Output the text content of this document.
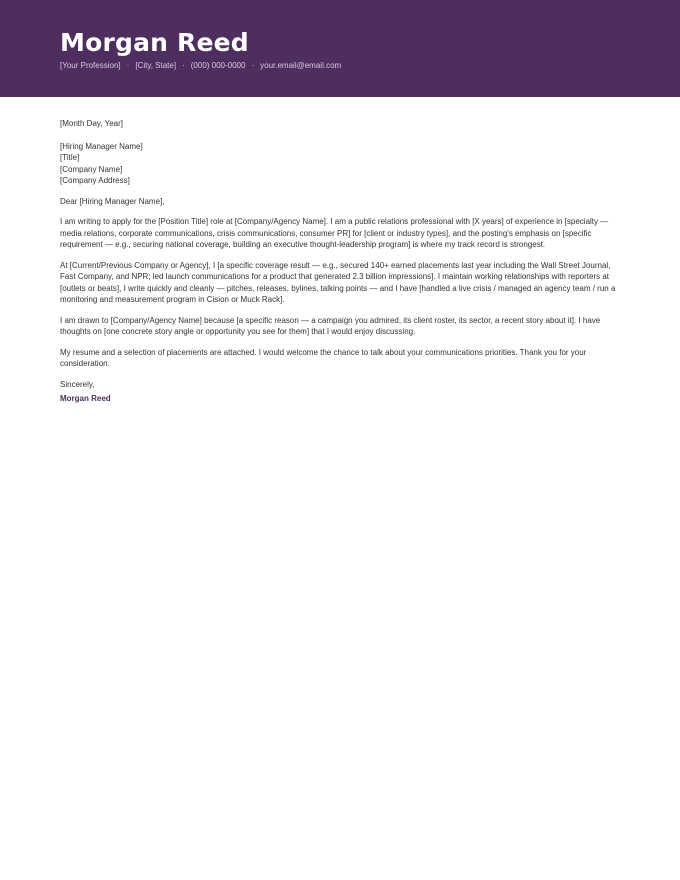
Morgan Reed
[Your Profession] · [City, State] · (000) 000-0000 · your.email@email.com
[Month Day, Year]
[Hiring Manager Name]
[Title]
[Company Name]
[Company Address]
Dear [Hiring Manager Name],

I am writing to apply for the [Position Title] role at [Company/Agency Name]. I am a public relations professional with [X years] of experience in [specialty — media relations, corporate communications, crisis communications, consumer PR] for [client or industry types], and the posting's emphasis on [specific requirement — e.g., securing national coverage, building an executive thought-leadership program] is where my track record is strongest.

At [Current/Previous Company or Agency], I [a specific coverage result — e.g., secured 140+ earned placements last year including the Wall Street Journal, Fast Company, and NPR; led launch communications for a product that generated 2.3 billion impressions]. I maintain working relationships with reporters at [outlets or beats], I write quickly and cleanly — pitches, releases, bylines, talking points — and I have [handled a live crisis / managed an agency team / run a monitoring and measurement program in Cision or Muck Rack].

I am drawn to [Company/Agency Name] because [a specific reason — a campaign you admired, its client roster, its sector, a recent story about it]. I have thoughts on [one concrete story angle or opportunity you see for them] that I would enjoy discussing.

My resume and a selection of placements are attached. I would welcome the chance to talk about your communications priorities. Thank you for your consideration.

Sincerely,
Morgan Reed
